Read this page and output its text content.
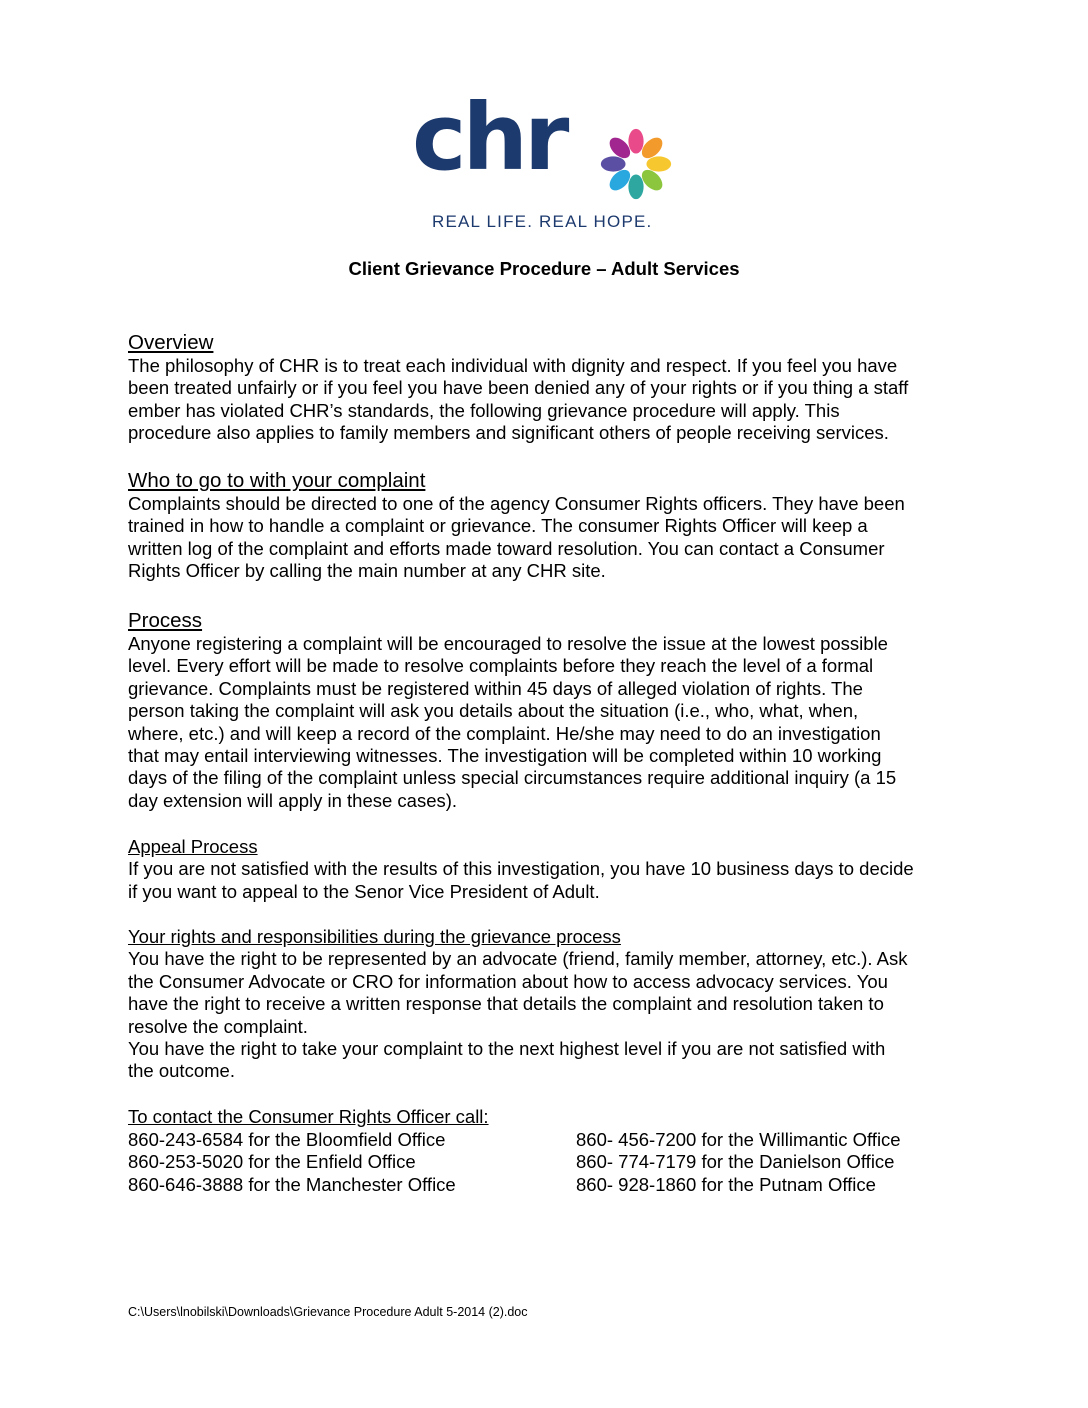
chr
REAL LIFE. REAL HOPE.
Client Grievance Procedure – Adult Services
Overview
The philosophy of CHR is to treat each individual with dignity and respect. If you feel you have
been treated unfairly or if you feel you have been denied any of your rights or if you thing a staff
ember has violated CHR’s standards, the following grievance procedure will apply. This
procedure also applies to family members and significant others of people receiving services.
Who to go to with your complaint
Complaints should be directed to one of the agency Consumer Rights officers. They have been
trained in how to handle a complaint or grievance. The consumer Rights Officer will keep a
written log of the complaint and efforts made toward resolution. You can contact a Consumer
Rights Officer by calling the main number at any CHR site.
Process
Anyone registering a complaint will be encouraged to resolve the issue at the lowest possible
level. Every effort will be made to resolve complaints before they reach the level of a formal
grievance. Complaints must be registered within 45 days of alleged violation of rights. The
person taking the complaint will ask you details about the situation (i.e., who, what, when,
where, etc.) and will keep a record of the complaint. He/she may need to do an investigation
that may entail interviewing witnesses. The investigation will be completed within 10 working
days of the filing of the complaint unless special circumstances require additional inquiry (a 15
day extension will apply in these cases).
Appeal Process
If you are not satisfied with the results of this investigation, you have 10 business days to decide
if you want to appeal to the Senor Vice President of Adult.
Your rights and responsibilities during the grievance process
You have the right to be represented by an advocate (friend, family member, attorney, etc.). Ask
the Consumer Advocate or CRO for information about how to access advocacy services. You
have the right to receive a written response that details the complaint and resolution taken to
resolve the complaint.
You have the right to take your complaint to the next highest level if you are not satisfied with
the outcome.
To contact the Consumer Rights Officer call:
860-243-6584 for the Bloomfield Office
860-253-5020 for the Enfield Office
860-646-3888 for the Manchester Office
860- 456-7200 for the Willimantic Office
860- 774-7179 for the Danielson Office
860- 928-1860 for the Putnam Office
C:\Users\lnobilski\Downloads\Grievance Procedure Adult 5-2014 (2).doc
